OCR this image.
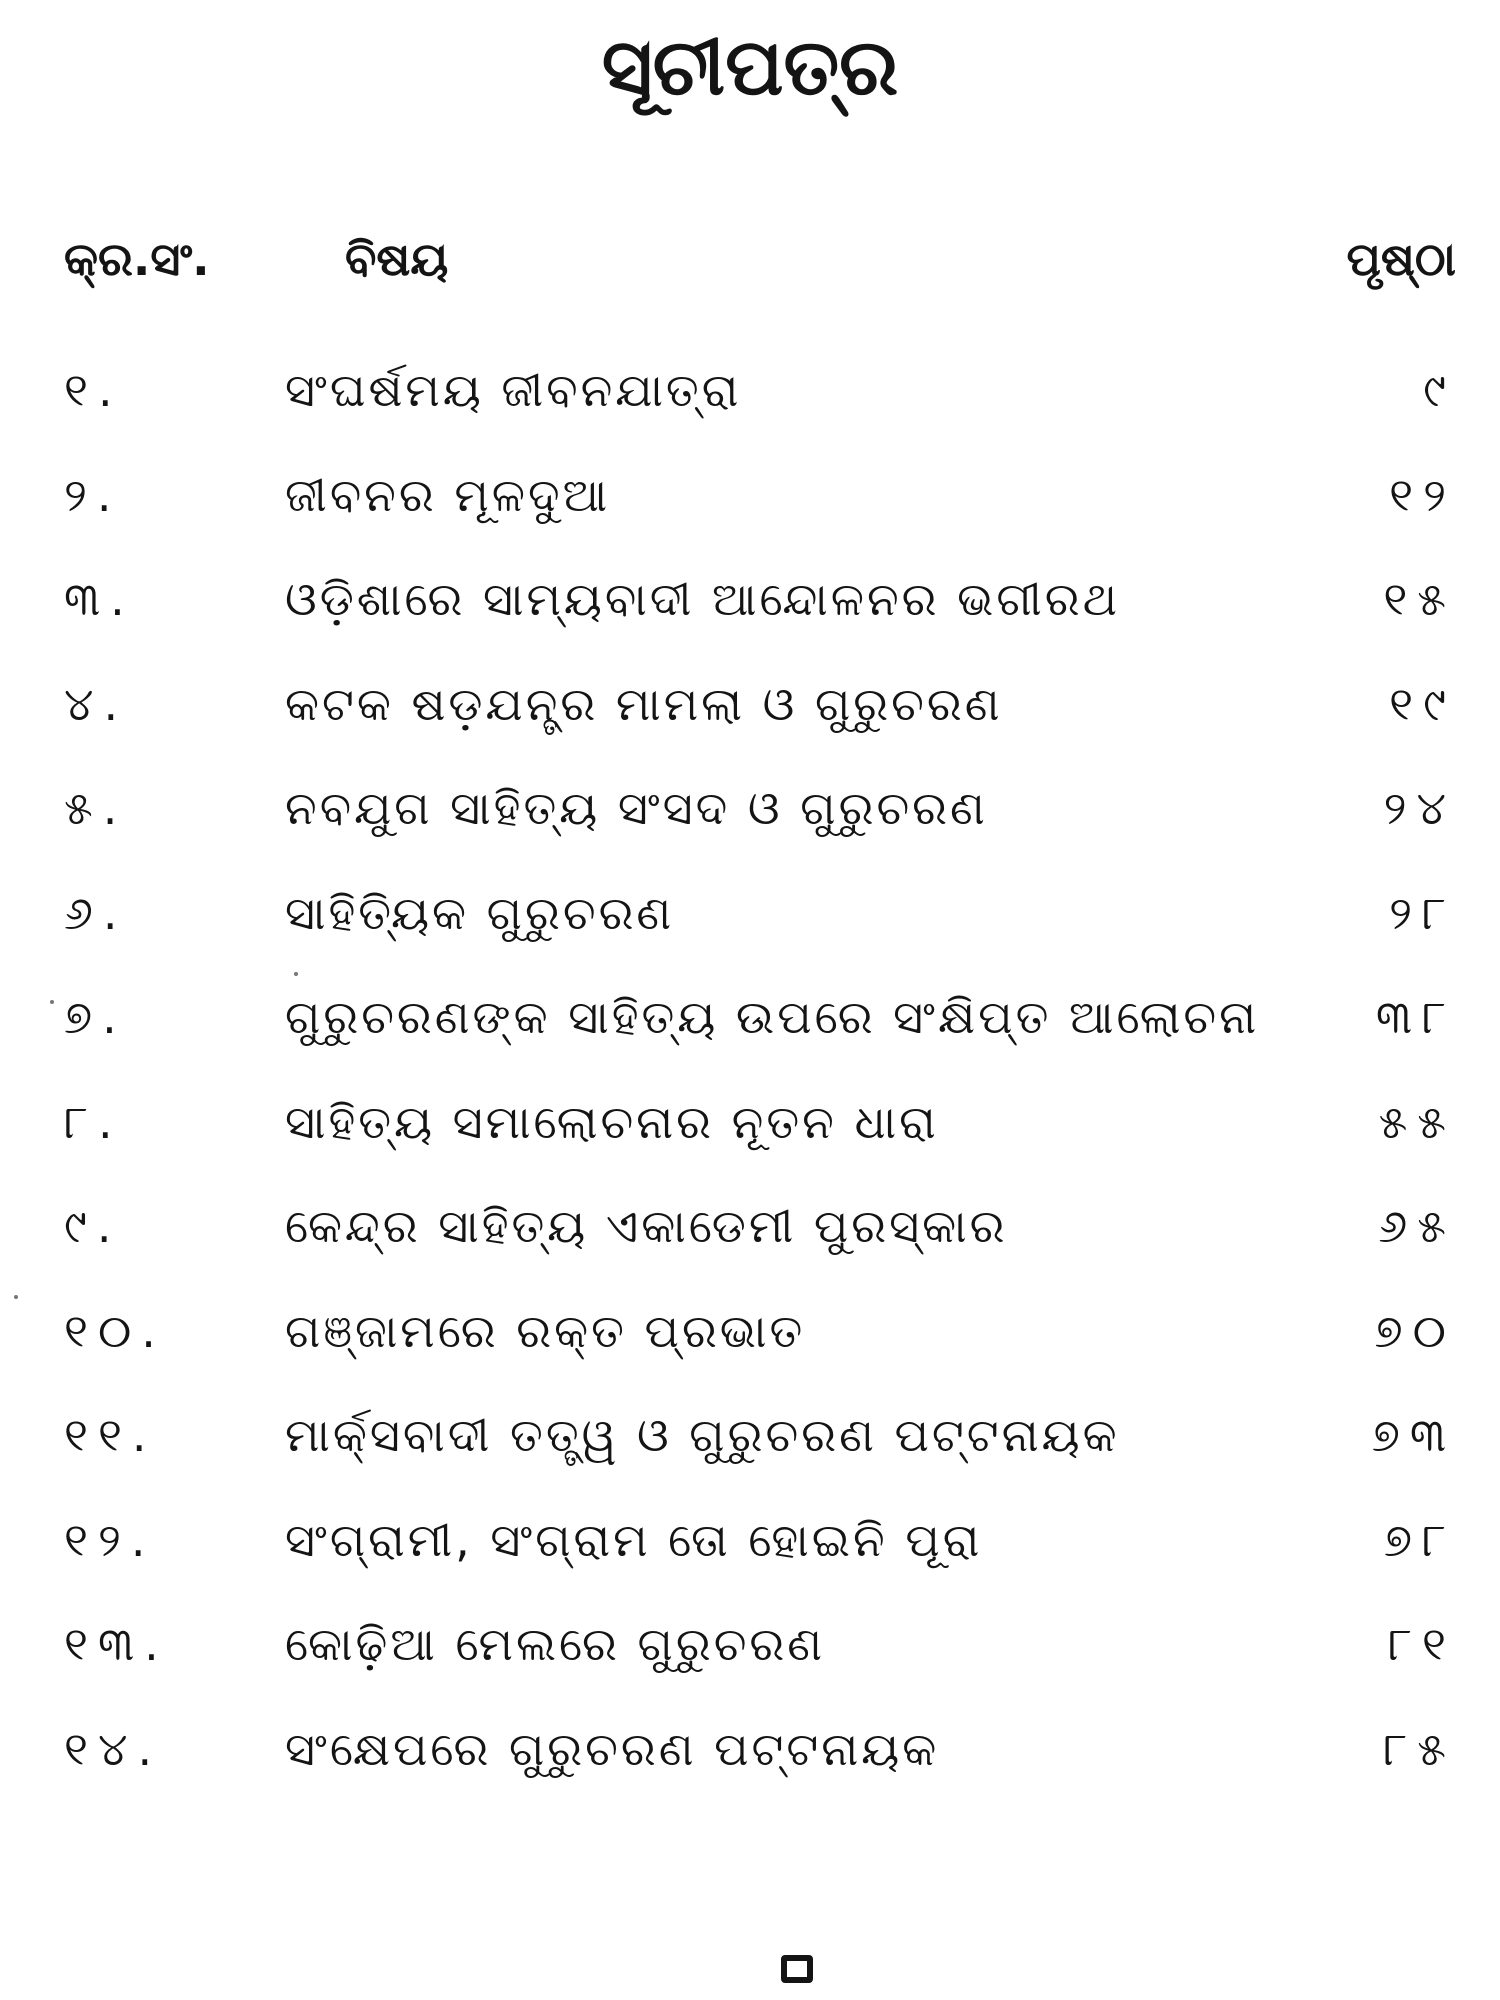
ସୂଚୀପତ୍ର
କ୍ର.ସଂ.	ବିଷୟ	ପୃଷ୍ଠା
୧.	ସଂଘର୍ଷମୟ ଜୀବନଯାତ୍ରା	୯
୨.	ଜୀବନର ମୂଳଦୁଆ	୧୨
୩.	ଓଡ଼ିଶାରେ ସାମ୍ୟବାଦୀ ଆନ୍ଦୋଳନର ଭଗୀରଥ	୧୫
୪.	କଟକ ଷଡ଼ଯନ୍ତ୍ର ମାମଲା ଓ ଗୁରୁଚରଣ	୧୯
୫.	ନବଯୁଗ ସାହିତ୍ୟ ସଂସଦ ଓ ଗୁରୁଚରଣ	୨୪
୬.	ସାହିତ୍ୟିକ ଗୁରୁଚରଣ	୨୮
୭.	ଗୁରୁଚରଣଙ୍କ ସାହିତ୍ୟ ଉପରେ ସଂକ୍ଷିପ୍ତ ଆଲୋଚନା	୩୮
୮.	ସାହିତ୍ୟ ସମାଲୋଚନାର ନୂତନ ଧାରା	୫୫
୯.	କେନ୍ଦ୍ର ସାହିତ୍ୟ ଏକାଡେମୀ ପୁରସ୍କାର	୬୫
୧୦.	ଗଞ୍ଜାମରେ ରକ୍ତ ପ୍ରଭାତ	୭୦
୧୧.	ମାର୍କ୍ସବାଦୀ ତତ୍ତ୍ୱ ଓ ଗୁରୁଚରଣ ପଟ୍ଟନାୟକ	୭୩
୧୨.	ସଂଗ୍ରାମୀ, ସଂଗ୍ରାମ ତୋ ହୋଇନି ପୂରା	୭୮
୧୩.	କୋଢ଼ିଆ ମେଲରେ ଗୁରୁଚରଣ	୮୧
୧୪.	ସଂକ୍ଷେପରେ ଗୁରୁଚରଣ ପଟ୍ଟନାୟକ	୮୫
